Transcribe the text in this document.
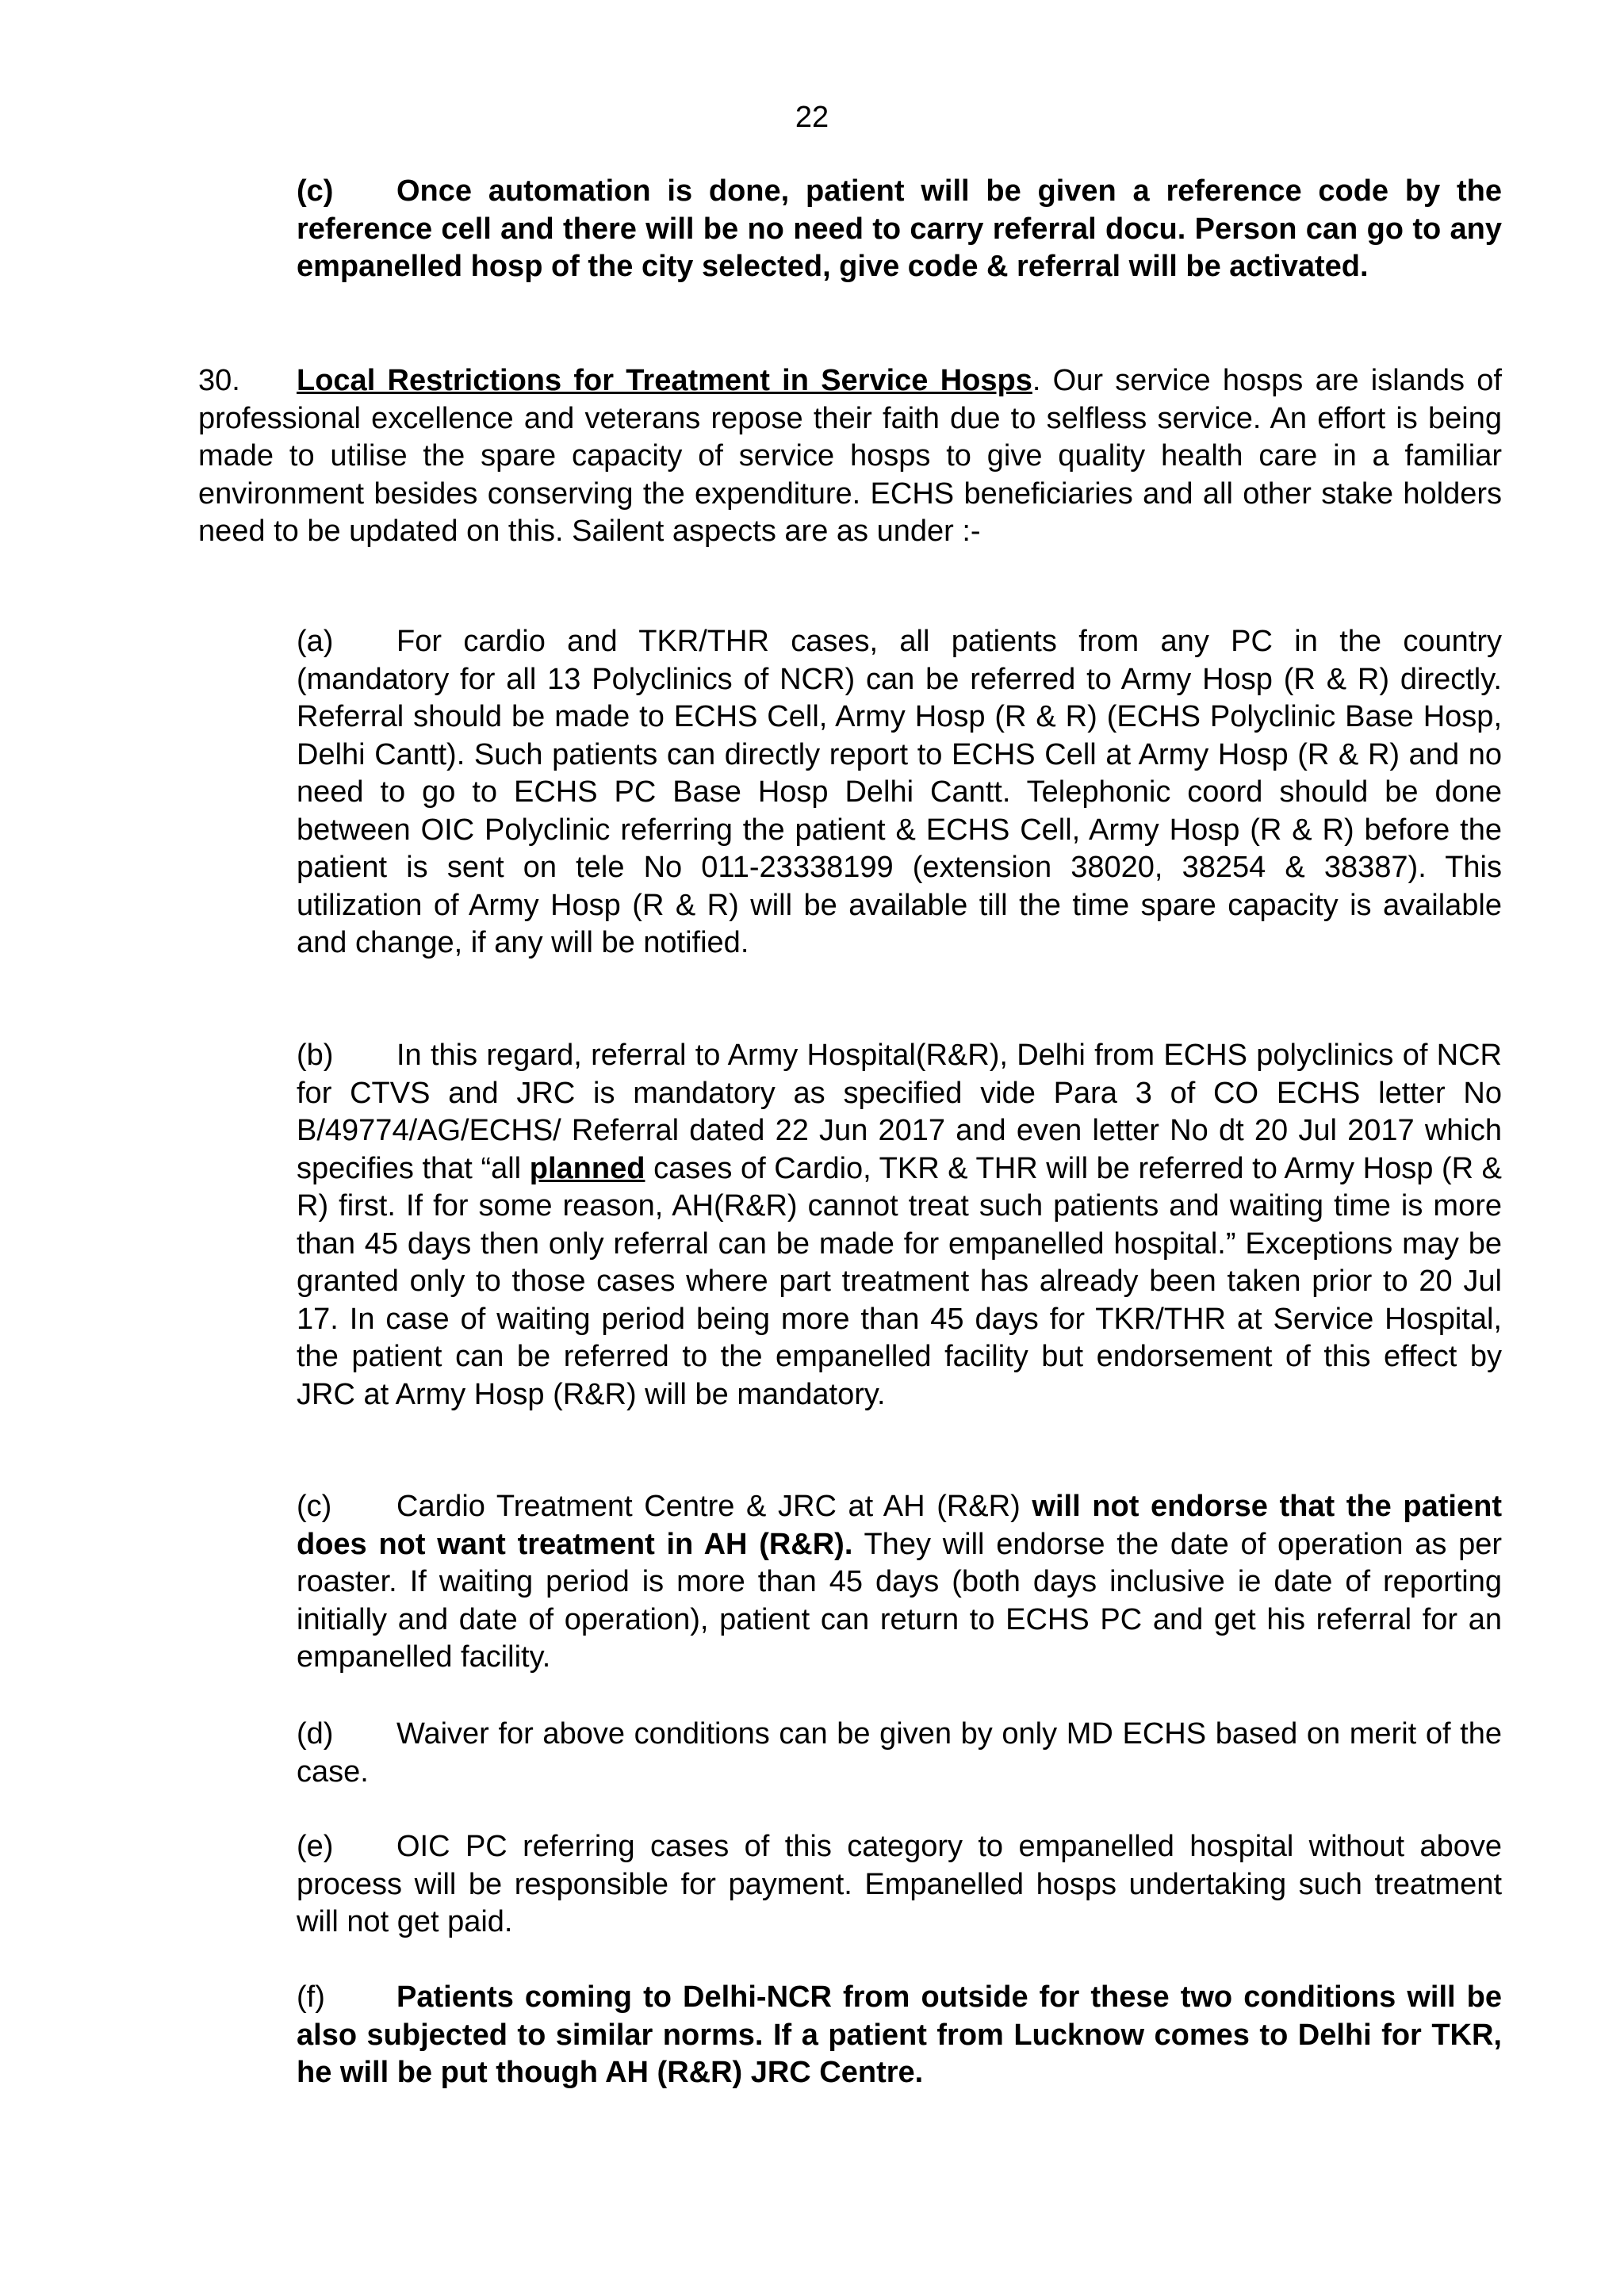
22
(c) Once automation is done, patient will be given a reference code by the reference cell and there will be no need to carry referral docu. Person can go to any empanelled hosp of the city selected, give code & referral will be activated.
30. Local Restrictions for Treatment in Service Hosps. Our service hosps are islands of professional excellence and veterans repose their faith due to selfless service. An effort is being made to utilise the spare capacity of service hosps to give quality health care in a familiar environment besides conserving the expenditure. ECHS beneficiaries and all other stake holders need to be updated on this. Sailent aspects are as under :-
(a) For cardio and TKR/THR cases, all patients from any PC in the country (mandatory for all 13 Polyclinics of NCR) can be referred to Army Hosp (R & R) directly. Referral should be made to ECHS Cell, Army Hosp (R & R) (ECHS Polyclinic Base Hosp, Delhi Cantt). Such patients can directly report to ECHS Cell at Army Hosp (R & R) and no need to go to ECHS PC Base Hosp Delhi Cantt. Telephonic coord should be done between OIC Polyclinic referring the patient & ECHS Cell, Army Hosp (R & R) before the patient is sent on tele No 011-23338199 (extension 38020, 38254 & 38387). This utilization of Army Hosp (R & R) will be available till the time spare capacity is available and change, if any will be notified.
(b) In this regard, referral to Army Hospital(R&R), Delhi from ECHS polyclinics of NCR for CTVS and JRC is mandatory as specified vide Para 3 of CO ECHS letter No B/49774/AG/ECHS/ Referral dated 22 Jun 2017 and even letter No dt 20 Jul 2017 which specifies that “all planned cases of Cardio, TKR & THR will be referred to Army Hosp (R & R) first. If for some reason, AH(R&R) cannot treat such patients and waiting time is more than 45 days then only referral can be made for empanelled hospital.” Exceptions may be granted only to those cases where part treatment has already been taken prior to 20 Jul 17. In case of waiting period being more than 45 days for TKR/THR at Service Hospital, the patient can be referred to the empanelled facility but endorsement of this effect by JRC at Army Hosp (R&R) will be mandatory.
(c) Cardio Treatment Centre & JRC at AH (R&R) will not endorse that the patient does not want treatment in AH (R&R). They will endorse the date of operation as per roaster. If waiting period is more than 45 days (both days inclusive ie date of reporting initially and date of operation), patient can return to ECHS PC and get his referral for an empanelled facility.
(d) Waiver for above conditions can be given by only MD ECHS based on merit of the case.
(e) OIC PC referring cases of this category to empanelled hospital without above process will be responsible for payment. Empanelled hosps undertaking such treatment will not get paid.
(f) Patients coming to Delhi-NCR from outside for these two conditions will be also subjected to similar norms. If a patient from Lucknow comes to Delhi for TKR, he will be put though AH (R&R) JRC Centre.
